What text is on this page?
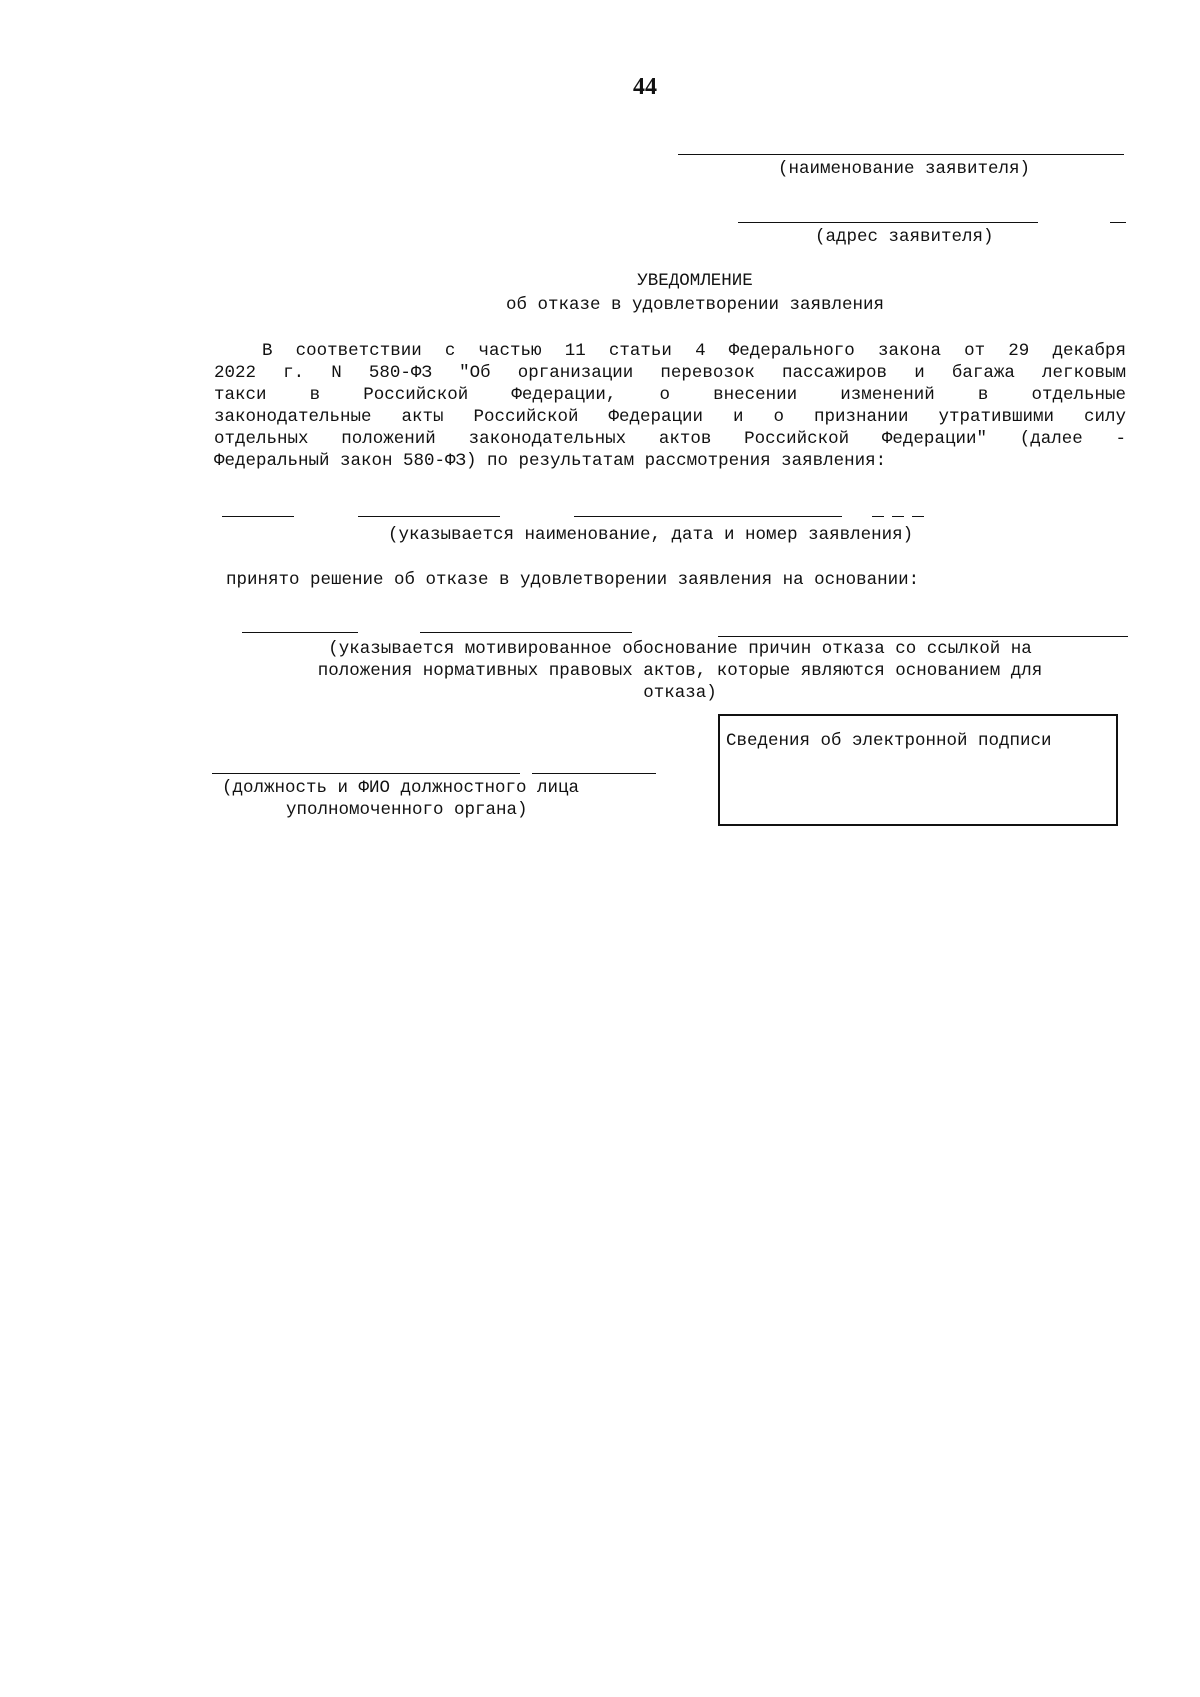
44
(наименование заявителя)
(адрес заявителя)
УВЕДОМЛЕНИЕ
об отказе в удовлетворении заявления
В соответствии с частью 11 статьи 4 Федерального закона от 29 декабря
2022 г. N 580-ФЗ "Об организации перевозок пассажиров и багажа легковым
такси в Российской Федерации, о внесении изменений в отдельные
законодательные акты Российской Федерации и о признании утратившими силу
отдельных положений законодательных актов Российской Федерации" (далее -
Федеральный закон 580-ФЗ) по результатам рассмотрения заявления:
(указывается наименование, дата и номер заявления)
принято решение об отказе в удовлетворении заявления на основании:
(указывается мотивированное обоснование причин отказа со ссылкой на
положения нормативных правовых актов, которые являются основанием для
отказа)
(должность и ФИО должностного лица
уполномоченного органа)
Сведения об электронной подписи
